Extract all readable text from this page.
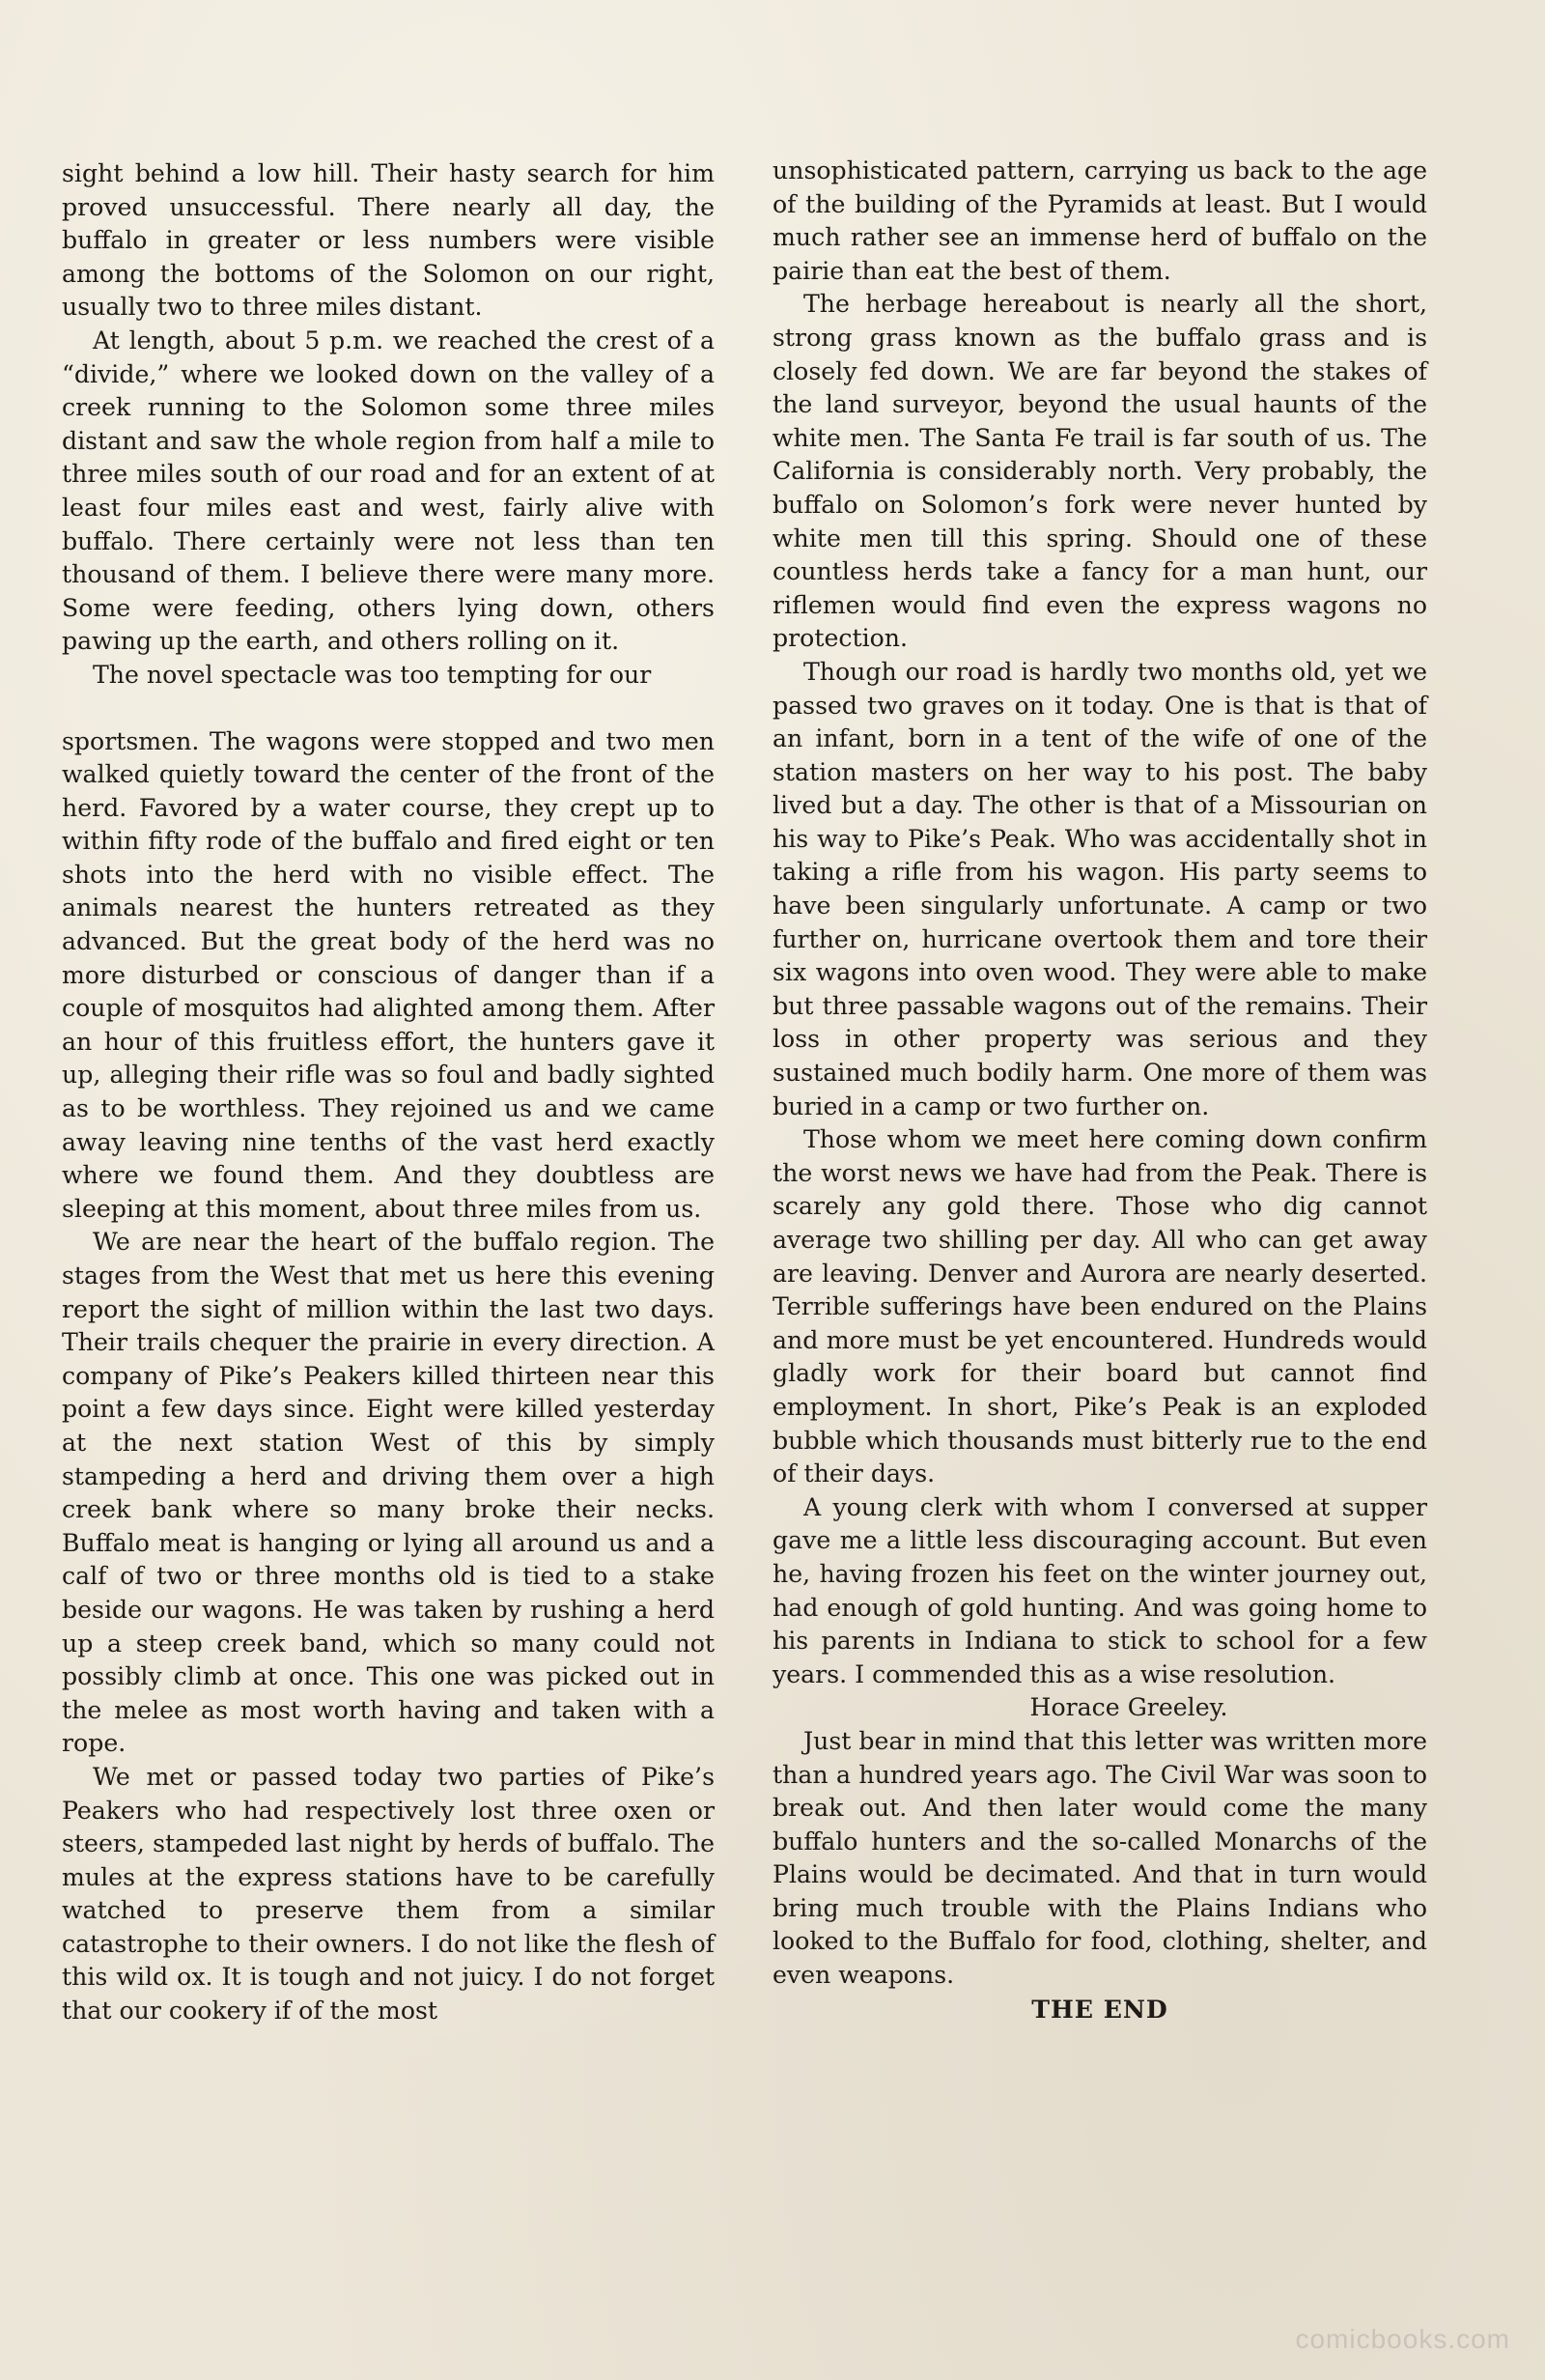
sight behind a low hill. Their hasty search for him proved unsuccessful. There nearly all day, the buffalo in greater or less numbers were visible among the bottoms of the Solomon on our right, usually two to three miles distant.

At length, about 5 p.m. we reached the crest of a “divide,” where we looked down on the valley of a creek running to the Solomon some three miles distant and saw the whole region from half a mile to three miles south of our road and for an extent of at least four miles east and west, fairly alive with buffalo. There certainly were not less than ten thousand of them. I believe there were many more. Some were feeding, others lying down, others pawing up the earth, and others rolling on it.

The novel spectacle was too tempting for our

sportsmen. The wagons were stopped and two men walked quietly toward the center of the front of the herd. Favored by a water course, they crept up to within fifty rode of the buffalo and fired eight or ten shots into the herd with no visible effect. The animals nearest the hunters retreated as they advanced. But the great body of the herd was no more disturbed or conscious of danger than if a couple of mosquitos had alighted among them. After an hour of this fruitless effort, the hunters gave it up, alleging their rifle was so foul and badly sighted as to be worthless. They rejoined us and we came away leaving nine tenths of the vast herd exactly where we found them. And they doubtless are sleeping at this moment, about three miles from us.

We are near the heart of the buffalo region. The stages from the West that met us here this evening report the sight of million within the last two days. Their trails chequer the prairie in every direction. A company of Pike’s Peakers killed thirteen near this point a few days since. Eight were killed yesterday at the next station West of this by simply stampeding a herd and driving them over a high creek bank where so many broke their necks. Buffalo meat is hanging or lying all around us and a calf of two or three months old is tied to a stake beside our wagons. He was taken by rushing a herd up a steep creek band, which so many could not possibly climb at once. This one was picked out in the melee as most worth having and taken with a rope.

We met or passed today two parties of Pike’s Peakers who had respectively lost three oxen or steers, stampeded last night by herds of buffalo. The mules at the express stations have to be carefully watched to preserve them from a similar catastrophe to their owners. I do not like the flesh of this wild ox. It is tough and not juicy. I do not forget that our cookery if of the most

unsophisticated pattern, carrying us back to the age of the building of the Pyramids at least. But I would much rather see an immense herd of buffalo on the pairie than eat the best of them.

The herbage hereabout is nearly all the short, strong grass known as the buffalo grass and is closely fed down. We are far beyond the stakes of the land surveyor, beyond the usual haunts of the white men. The Santa Fe trail is far south of us. The California is considerably north. Very probably, the buffalo on Solomon’s fork were never hunted by white men till this spring. Should one of these countless herds take a fancy for a man hunt, our riflemen would find even the express wagons no protection.

Though our road is hardly two months old, yet we passed two graves on it today. One is that is that of an infant, born in a tent of the wife of one of the station masters on her way to his post. The baby lived but a day. The other is that of a Missourian on his way to Pike’s Peak. Who was accidentally shot in taking a rifle from his wagon. His party seems to have been singularly unfortunate. A camp or two further on, hurricane overtook them and tore their six wagons into oven wood. They were able to make but three passable wagons out of the remains. Their loss in other property was serious and they sustained much bodily harm. One more of them was buried in a camp or two further on.

Those whom we meet here coming down confirm the worst news we have had from the Peak. There is scarely any gold there. Those who dig cannot average two shilling per day. All who can get away are leaving. Denver and Aurora are nearly deserted. Terrible sufferings have been endured on the Plains and more must be yet encountered. Hundreds would gladly work for their board but cannot find employment. In short, Pike’s Peak is an exploded bubble which thousands must bitterly rue to the end of their days.

A young clerk with whom I conversed at supper gave me a little less discouraging account. But even he, having frozen his feet on the winter journey out, had enough of gold hunting. And was going home to his parents in Indiana to stick to school for a few years. I commended this as a wise resolution.

Horace Greeley.

Just bear in mind that this letter was written more than a hundred years ago. The Civil War was soon to break out. And then later would come the many buffalo hunters and the so-called Monarchs of the Plains would be decimated. And that in turn would bring much trouble with the Plains Indians who looked to the Buffalo for food, clothing, shelter, and even weapons.

THE END

comicbooks.com
